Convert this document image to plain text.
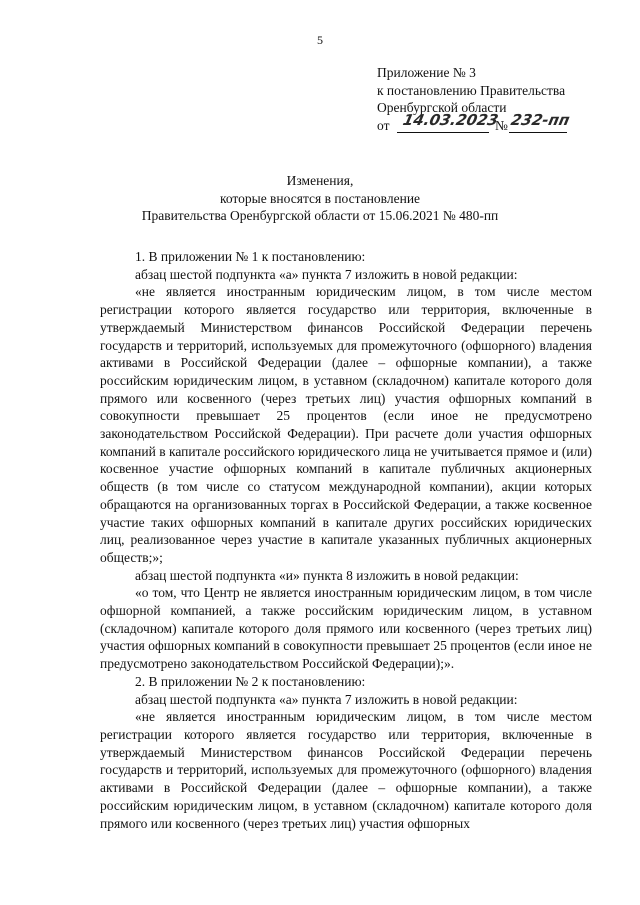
5
Приложение № 3
к постановлению Правительства
Оренбургской области
от 14.03.2023
№ 232-пп
Изменения,
которые вносятся в постановление
Правительства Оренбургской области от 15.06.2021 № 480-пп

1. В приложении № 1 к постановлению:

абзац шестой подпункта «а» пункта 7 изложить в новой редакции:

«не является иностранным юридическим лицом, в том числе местом регистрации которого является государство или территория, включенные в утверждаемый Министерством финансов Российской Федерации перечень государств и территорий, используемых для промежуточного (офшорного) владения активами в Российской Федерации (далее – офшорные компании), а также российским юридическим лицом, в уставном (складочном) капитале которого доля прямого или косвенного (через третьих лиц) участия офшорных компаний в совокупности превышает 25 процентов (если иное не предусмотрено законодательством Российской Федерации). При расчете доли участия офшорных компаний в капитале российского юридического лица не учитывается прямое и (или) косвенное участие офшорных компаний в капитале публичных акционерных обществ (в том числе со статусом международной компании), акции которых обращаются на организованных торгах в Российской Федерации, а также косвенное участие таких офшорных компаний в капитале других российских юридических лиц, реализованное через участие в капитале указанных публичных акционерных обществ;»;

абзац шестой подпункта «и» пункта 8 изложить в новой редакции:

«о том, что Центр не является иностранным юридическим лицом, в том числе офшорной компанией, а также российским юридическим лицом, в уставном (складочном) капитале которого доля прямого или косвенного (через третьих лиц) участия офшорных компаний в совокупности превышает 25 процентов (если иное не предусмотрено законодательством Российской Федерации);».

2. В приложении № 2 к постановлению:

абзац шестой подпункта «а» пункта 7 изложить в новой редакции:

«не является иностранным юридическим лицом, в том числе местом регистрации которого является государство или территория, включенные в утверждаемый Министерством финансов Российской Федерации перечень государств и территорий, используемых для промежуточного (офшорного) владения активами в Российской Федерации (далее – офшорные компании), а также российским юридическим лицом, в уставном (складочном) капитале которого доля прямого или косвенного (через третьих лиц) участия офшорных
